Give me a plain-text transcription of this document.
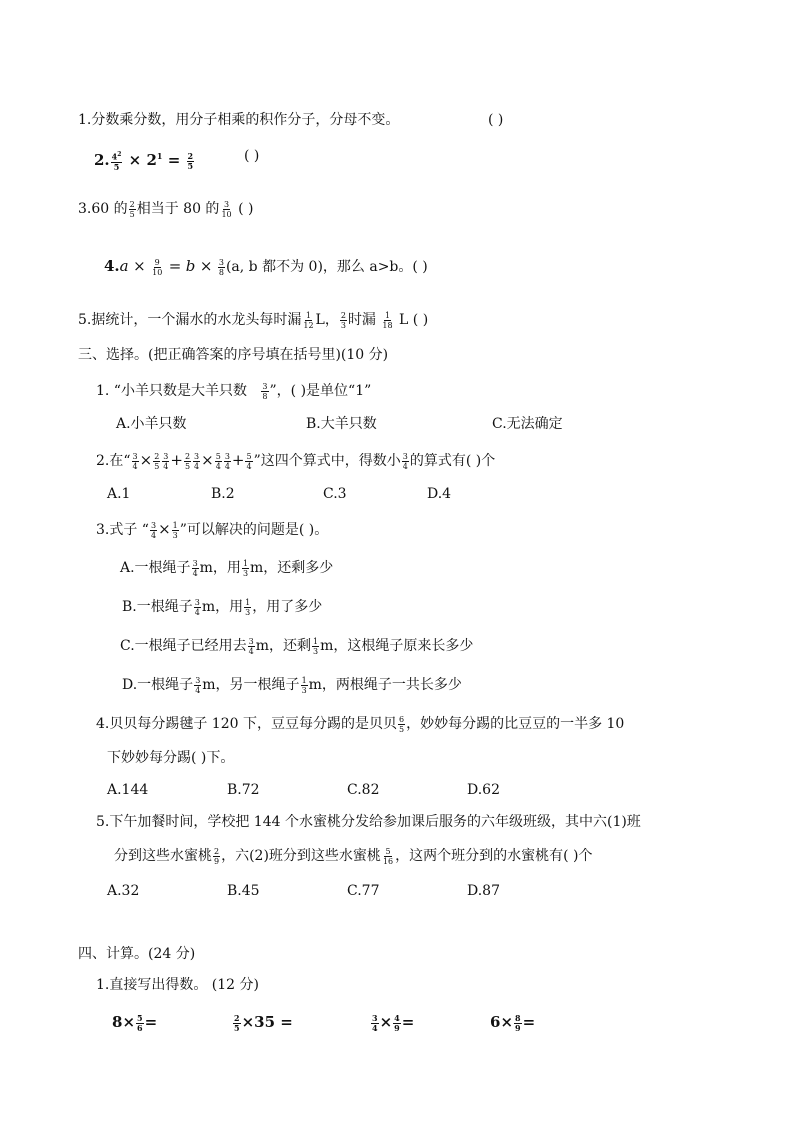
1.分数乘分数，用分子相乘的积作分子，分母不变。	( )
2. $\frac{4^2}{5} \times 2^1 = \frac{2}{5}$	( )
3.60 的 $\frac{2}{5}$ 相当于 80 的 $\frac{3}{10}$ ( )
$4.a \times \frac{9}{10} = b \times \frac{3}{8} (a$, b 都不为 0)，那么 a>b。( )
5.据统计，一个漏水的水龙头每时漏 $\frac{1}{12}$ L， $\frac{2}{3}$ 时漏 $\frac{1}{18}$ L ( )
三、选择。(把正确答案的序号填在括号里)(10 分)
1. “小羊只数是大羊只数 $\frac{3}{8}$ ”，( )是单位“1”
A.小羊只数	B.大羊只数	C.无法确定
2.在“ $\frac{3}{4} \times \frac{2}{5} \frac{3}{4} + \frac{2}{5} \frac{3}{4} \times \frac{5}{4} \frac{3}{4} + \frac{5}{4}$ ”这四个算式中，得数小 $\frac{3}{4}$ 的算式有( )个
A.1	B.2	C.3	D.4
3.式子 “ $\frac{3}{4} \times \frac{1}{3}$ ”可以解决的问题是( )。
A.一根绳子 $\frac{3}{4}$ m，用 $\frac{1}{3}$ m，还剩多少
B.一根绳子 $\frac{3}{4}$ m，用 $\frac{1}{3}$ ，用了多少
C.一根绳子已经用去 $\frac{3}{4}$ m，还剩 $\frac{1}{3}$ m，这根绳子原来长多少
D.一根绳子 $\frac{3}{4}$ m，另一根绳子 $\frac{1}{3}$ m，两根绳子一共长多少
4.贝贝每分踢毽子 120 下，豆豆每分踢的是贝贝 $\frac{6}{5}$ ，妙妙每分踢的比豆豆的一半多 10
下妙妙每分踢( )下。
A.144	B.72	C.82	D.62
5.下午加餐时间，学校把 144 个水蜜桃分发给参加课后服务的六年级班级，其中六(1)班
分到这些水蜜桃 $\frac{2}{9}$ ，六(2)班分到这些水蜜桃 $\frac{5}{16}$ ，这两个班分到的水蜜桃有( )个
A.32	B.45	C.77	D.87
四、计算。(24 分)
1.直接写出得数。 (12 分)
$8\times \frac{5}{6}$ =	$\frac{2}{5} \times 35$ =	$\frac{3}{4} \times \frac{4}{9}$ =	$6\times \frac{8}{9}$ =
